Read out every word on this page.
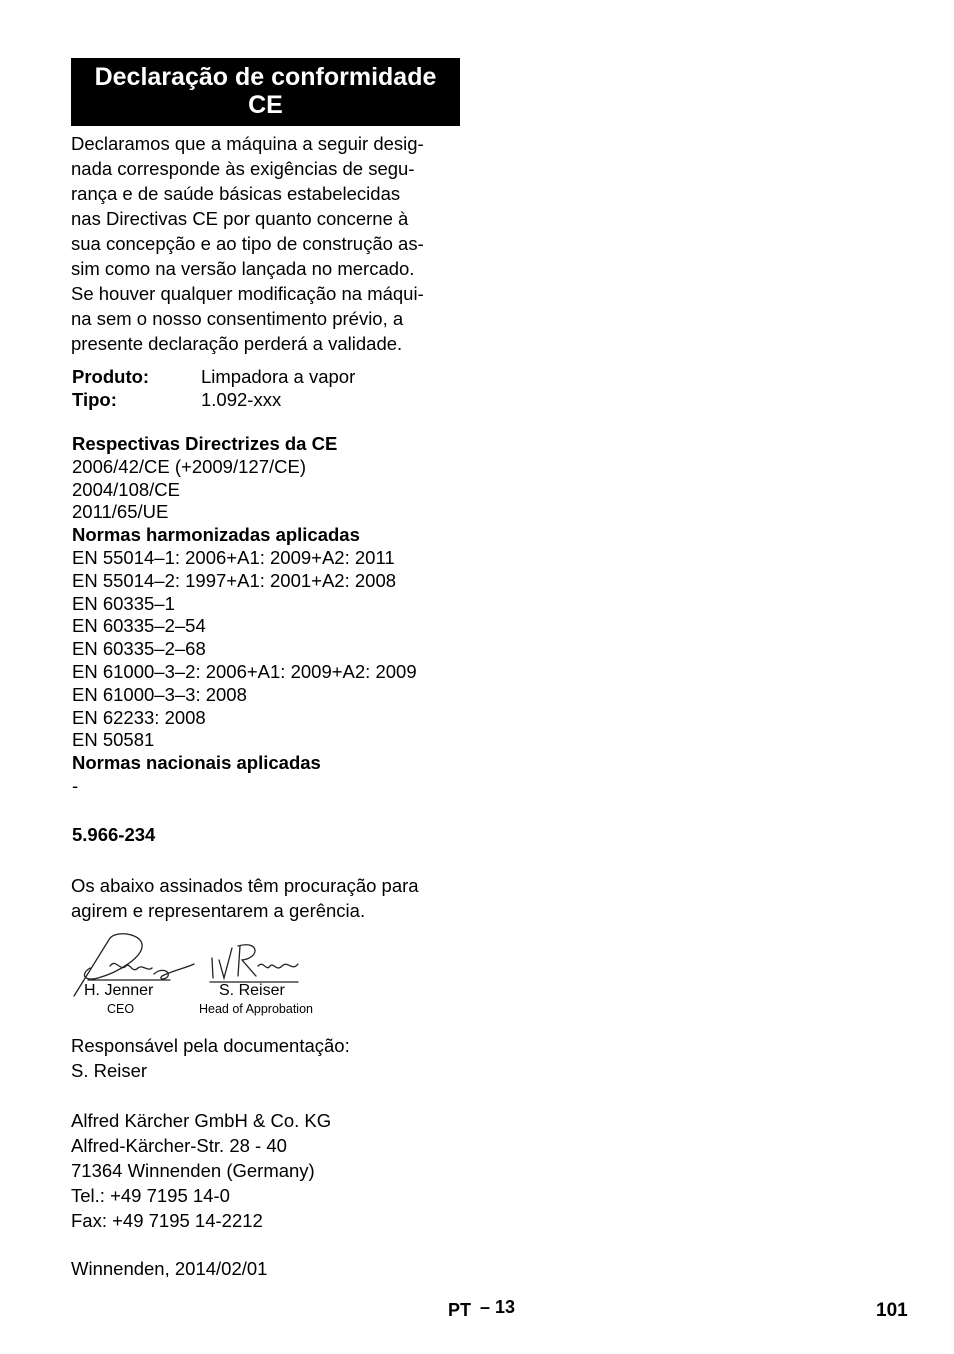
Declaração de conformidade
CE
Declaramos que a máquina a seguir desig-
nada corresponde às exigências de segu-
rança e de saúde básicas estabelecidas
nas Directivas CE por quanto concerne à
sua concepção e ao tipo de construção as-
sim como na versão lançada no mercado.
Se houver qualquer modificação na máqui-
na sem o nosso consentimento prévio, a
presente declaração perderá a validade.
Produto:	Limpadora a vapor
Tipo:	1.092-xxx
Respectivas Directrizes da CE
2006/42/CE (+2009/127/CE)
2004/108/CE
2011/65/UE
Normas harmonizadas aplicadas
EN 55014–1: 2006+A1: 2009+A2: 2011
EN 55014–2: 1997+A1: 2001+A2: 2008
EN 60335–1
EN 60335–2–54
EN 60335–2–68
EN 61000–3–2: 2006+A1: 2009+A2: 2009
EN 61000–3–3: 2008
EN 62233: 2008
EN 50581
Normas nacionais aplicadas
-
5.966-234
Os abaixo assinados têm procuração para
agirem e representarem a gerência.
H. Jenner
CEO
S. Reiser
Head of Approbation
Responsável pela documentação:
S. Reiser
Alfred Kärcher GmbH & Co. KG
Alfred-Kärcher-Str. 28 - 40
71364 Winnenden (Germany)
Tel.: +49 7195 14-0
Fax: +49 7195 14-2212
Winnenden, 2014/02/01
PT – 13	101
